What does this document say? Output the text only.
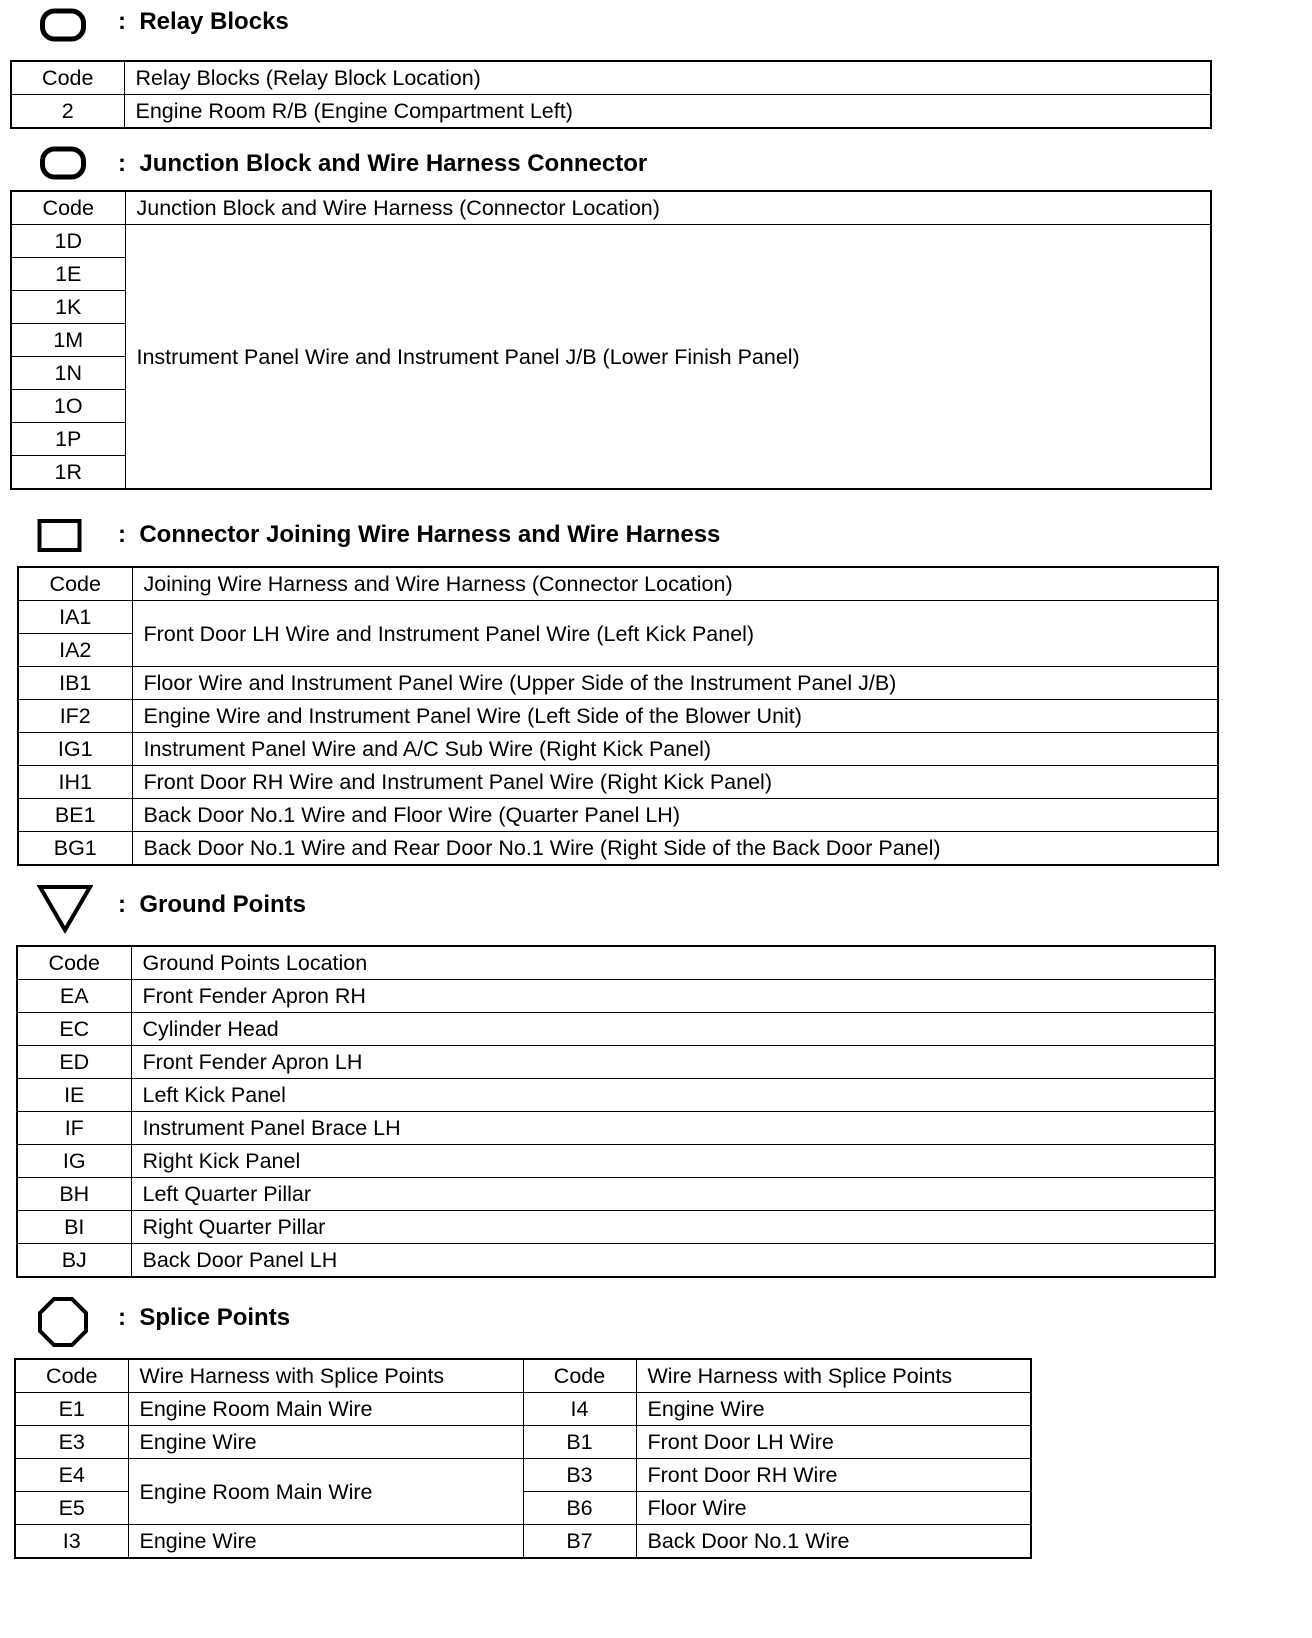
: Relay Blocks
Code	Relay Blocks (Relay Block Location)
2	Engine Room R/B (Engine Compartment Left)
: Junction Block and Wire Harness Connector
Code	Junction Block and Wire Harness (Connector Location)
1D	Instrument Panel Wire and Instrument Panel J/B (Lower Finish Panel)
1E	
1K	
1M	
1N	
1O	
1P	
1R	
: Connector Joining Wire Harness and Wire Harness
Code	Joining Wire Harness and Wire Harness (Connector Location)
IA1	Front Door LH Wire and Instrument Panel Wire (Left Kick Panel)
IA2	
IB1	Floor Wire and Instrument Panel Wire (Upper Side of the Instrument Panel J/B)
IF2	Engine Wire and Instrument Panel Wire (Left Side of the Blower Unit)
IG1	Instrument Panel Wire and A/C Sub Wire (Right Kick Panel)
IH1	Front Door RH Wire and Instrument Panel Wire (Right Kick Panel)
BE1	Back Door No.1 Wire and Floor Wire (Quarter Panel LH)
BG1	Back Door No.1 Wire and Rear Door No.1 Wire (Right Side of the Back Door Panel)
: Ground Points
Code	Ground Points Location
EA	Front Fender Apron RH
EC	Cylinder Head
ED	Front Fender Apron LH
IE	Left Kick Panel
IF	Instrument Panel Brace LH
IG	Right Kick Panel
BH	Left Quarter Pillar
BI	Right Quarter Pillar
BJ	Back Door Panel LH
: Splice Points
Code	Wire Harness with Splice Points	Code	Wire Harness with Splice Points
E1	Engine Room Main Wire	I4	Engine Wire
E3	Engine Wire	B1	Front Door LH Wire
E4	Engine Room Main Wire	B3	Front Door RH Wire
E5		B6	Floor Wire
I3	Engine Wire	B7	Back Door No.1 Wire
